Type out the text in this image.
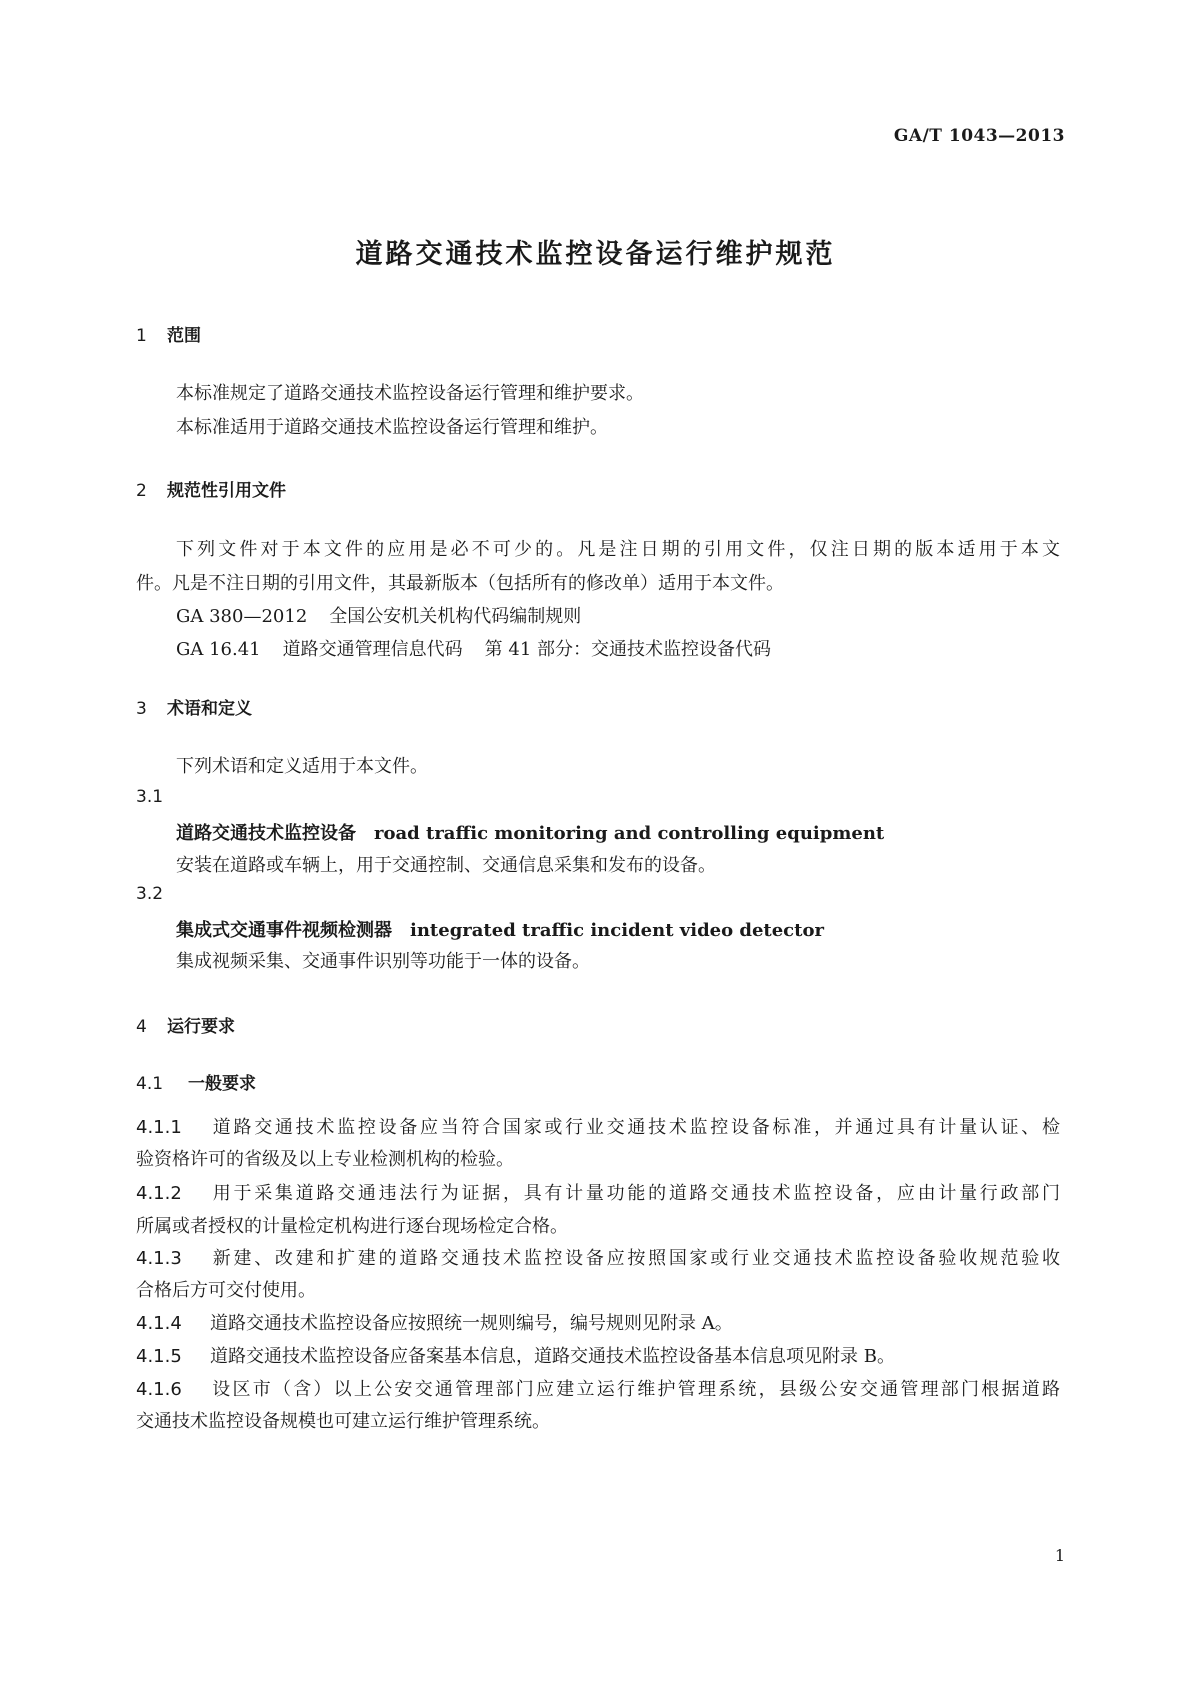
GA/T 1043—2013
道路交通技术监控设备运行维护规范
1 范围
本标准规定了道路交通技术监控设备运行管理和维护要求。
本标准适用于道路交通技术监控设备运行管理和维护。
2 规范性引用文件
下列文件对于本文件的应用是必不可少的。凡是注日期的引用文件，仅注日期的版本适用于本文
件。凡是不注日期的引用文件，其最新版本（包括所有的修改单）适用于本文件。
GA 380—2012 全国公安机关机构代码编制规则
GA 16.41 道路交通管理信息代码 第 41 部分：交通技术监控设备代码
3 术语和定义
下列术语和定义适用于本文件。
3.1
道路交通技术监控设备 road traffic monitoring and controlling equipment
安装在道路或车辆上，用于交通控制、交通信息采集和发布的设备。
3.2
集成式交通事件视频检测器 integrated traffic incident video detector
集成视频采集、交通事件识别等功能于一体的设备。
4 运行要求
4.1 一般要求
4.1.1 道路交通技术监控设备应当符合国家或行业交通技术监控设备标准，并通过具有计量认证、检
验资格许可的省级及以上专业检测机构的检验。
4.1.2 用于采集道路交通违法行为证据，具有计量功能的道路交通技术监控设备，应由计量行政部门
所属或者授权的计量检定机构进行逐台现场检定合格。
4.1.3 新建、改建和扩建的道路交通技术监控设备应按照国家或行业交通技术监控设备验收规范验收
合格后方可交付使用。
4.1.4 道路交通技术监控设备应按照统一规则编号，编号规则见附录 A。
4.1.5 道路交通技术监控设备应备案基本信息，道路交通技术监控设备基本信息项见附录 B。
4.1.6 设区市（含）以上公安交通管理部门应建立运行维护管理系统，县级公安交通管理部门根据道路
交通技术监控设备规模也可建立运行维护管理系统。
1
